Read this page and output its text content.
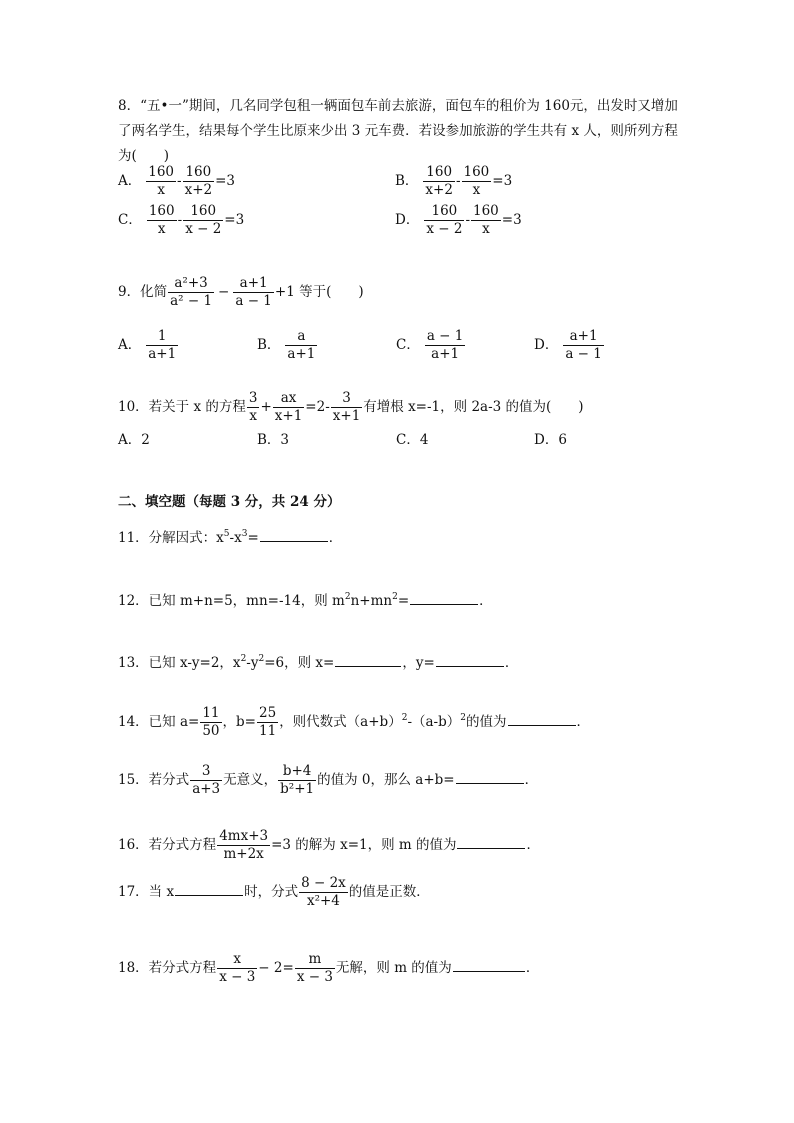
8．“五•一”期间，几名同学包租一辆面包车前去旅游，面包车的租价为 160元，出发时又增加了两名学生，结果每个学生比原来少出 3 元车费．若设参加旅游的学生共有 x 人，则所列方程为(　　)
A． $\frac{160}{x} - \frac{160}{x+2} =3$	B． $\frac{160}{x+2} - \frac{160}{x} =3$
C． $\frac{160}{x} - \frac{160}{x - 2} =3$	D． $\frac{160}{x - 2} - \frac{160}{x} =3$
9．化简 $\frac{\text{a²+3}}{\text{a² − 1}} - \frac{a+1}{a - 1} +1$ 等于(　　)
A． $\frac{1}{a+1}$	B． $\frac{a}{a+1}$	C． $\frac{a - 1}{a+1}$	D． $\frac{a+1}{a - 1}$
10．若关于 x 的方程 $\frac{3}{x} + \frac{ax}{x+1} =2- \frac{3}{x+1}$ 有增根 x=-1，则 2a-3 的值为(　　)
A．2	B．3	C．4	D．6
二、填空题（每题 3 分，共 24 分）
11．分解因式：$x^5-x^3=$	．
12．已知 m+n=5，mn=-14，则 $m^2n+mn^2=$	．
13．已知 x-y=2，$x^2-y^2=6$，则 x=	，y=	．
14．已知 $a= \frac{11}{50}$ ，$b= \frac{25}{11}$ ，则代数式$(a+b)^2-(a-b)^2$的值为	．
15．若分式 $\frac{3}{a+3}$ 无意义， $\frac{b+4}{\text{b²+1}}$ 的值为 0，那么 a+b=	．
16．若分式方程 $\frac{4mx+3}{m+2x} =3$ 的解为 x=1，则 m 的值为	．
17．当 x	时，分式 $\frac{8 - 2x}{\text{x²+4}}$ 的值是正数．
18．若分式方程 $\frac{x}{x - 3} - 2= \frac{m}{x - 3}$ 无解，则 m 的值为	．
